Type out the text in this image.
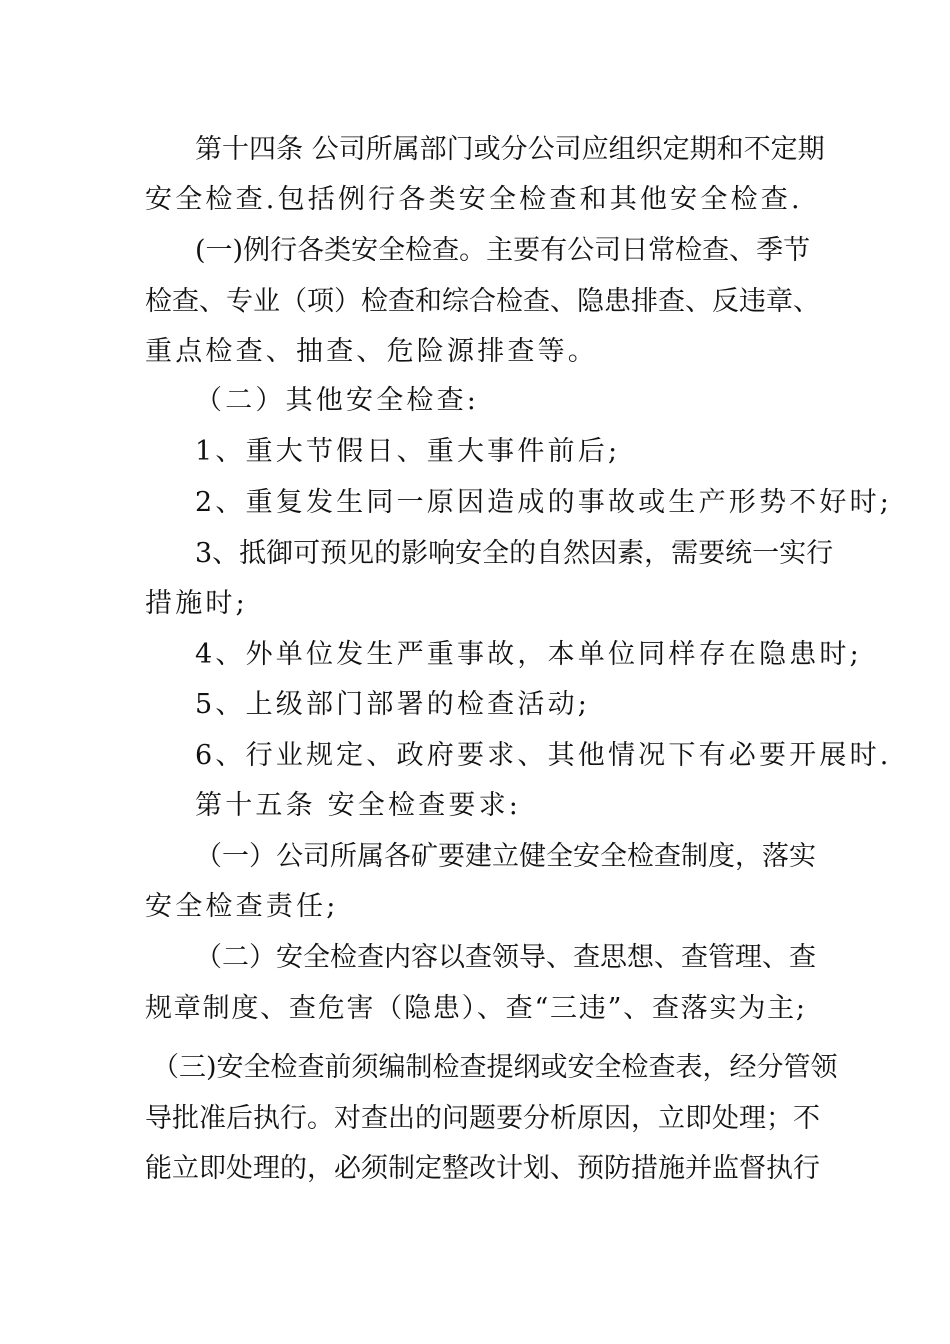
第十四条 公司所属部门或分公司应组织定期和不定期
安全检查.包括例行各类安全检查和其他安全检查.
(一)例行各类安全检查。主要有公司日常检查、季节
检查、专业（项）检查和综合检查、隐患排查、反违章、
重点检查、抽查、危险源排查等。
（二）其他安全检查:
1、重大节假日、重大事件前后;
2、重复发生同一原因造成的事故或生产形势不好时;
3、抵御可预见的影响安全的自然因素，需要统一实行
措施时;
4、外单位发生严重事故，本单位同样存在隐患时;
5、上级部门部署的检查活动;
6、行业规定、政府要求、其他情况下有必要开展时.
第十五条 安全检查要求:
（一）公司所属各矿要建立健全安全检查制度，落实
安全检查责任;
（二）安全检查内容以查领导、查思想、查管理、查
规章制度、查危害（隐患）、查“三违”、查落实为主;
（三)安全检查前须编制检查提纲或安全检查表，经分管领
导批准后执行。对查出的问题要分析原因，立即处理；不
能立即处理的，必须制定整改计划、预防措施并监督执行
